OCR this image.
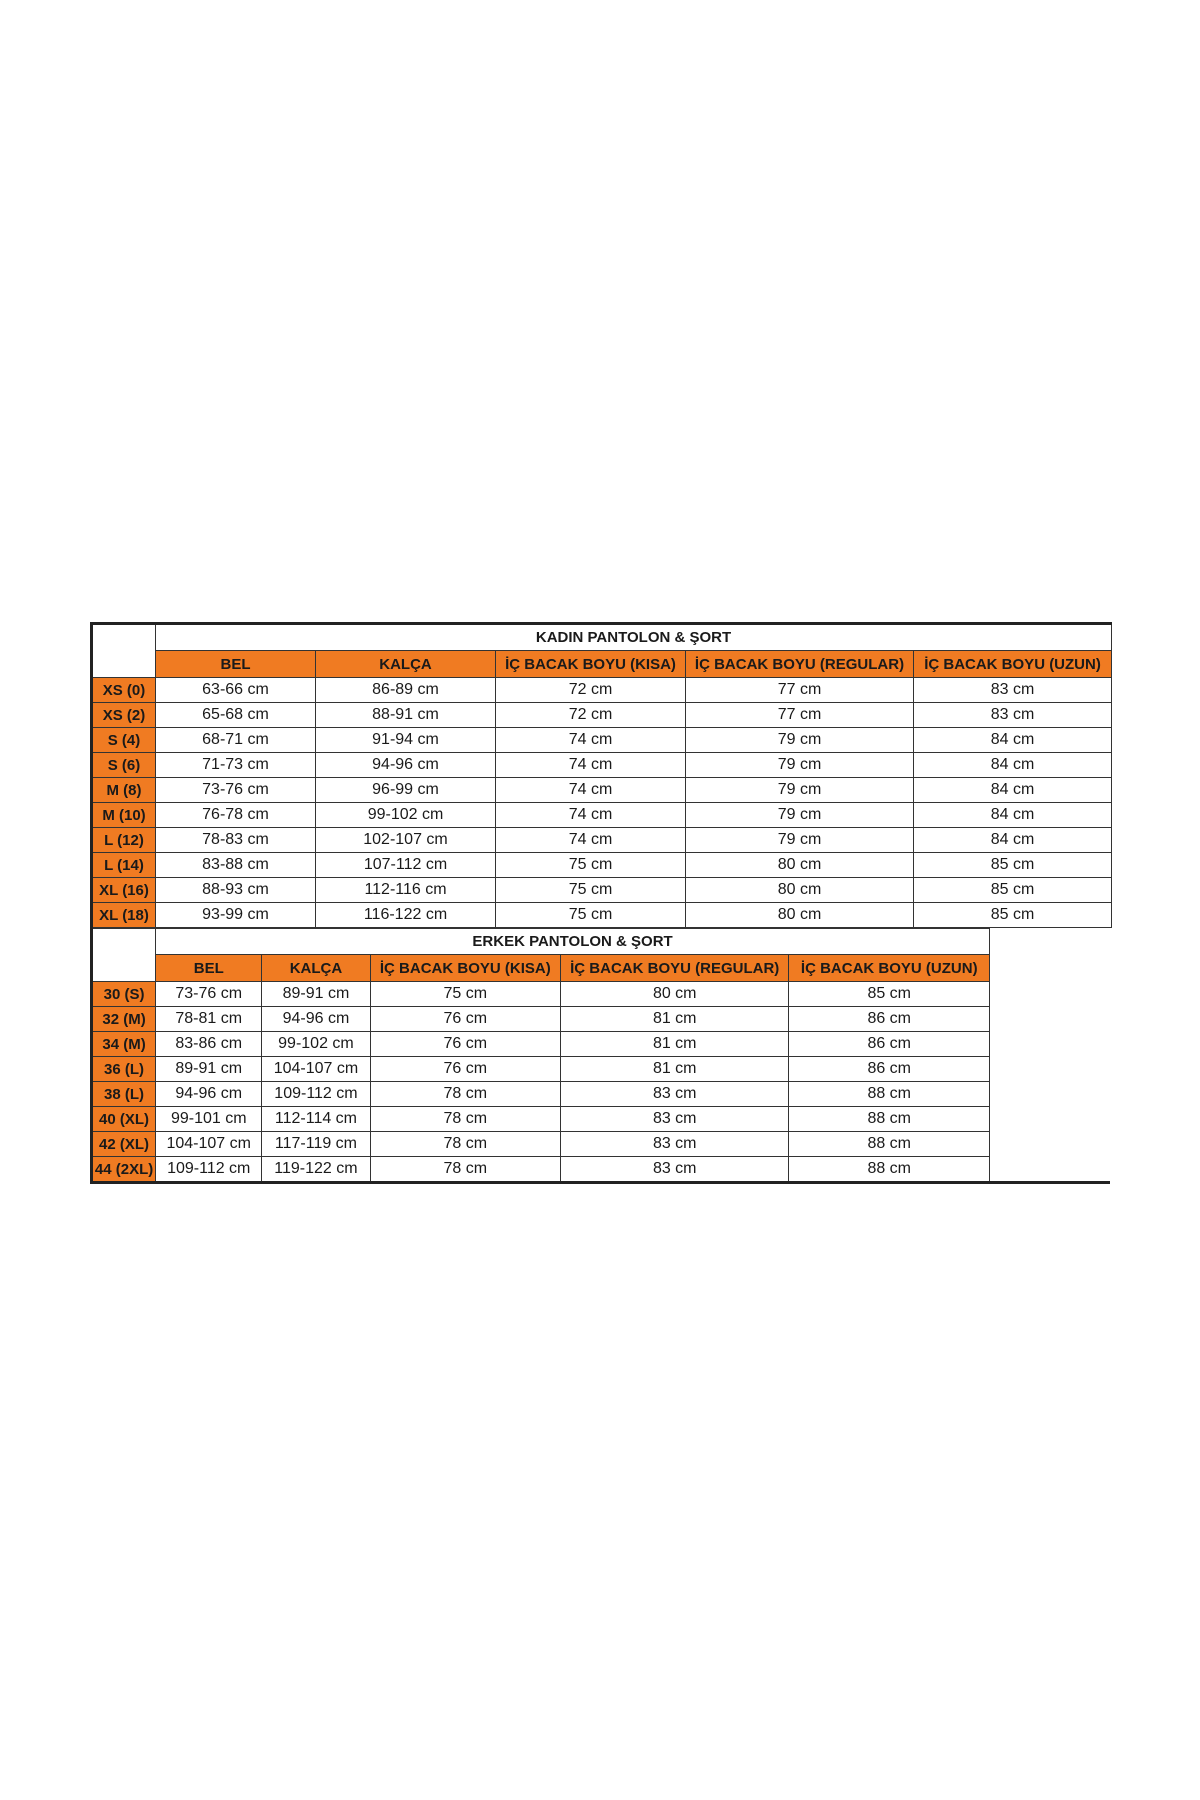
	KADIN PANTOLON & ŞORT				
	BEL	KALÇA	İÇ BACAK BOYU (KISA)	İÇ BACAK BOYU (REGULAR)	İÇ BACAK BOYU (UZUN)
XS (0)	63-66 cm	86-89 cm	72 cm	77 cm	83 cm
XS (2)	65-68 cm	88-91 cm	72 cm	77 cm	83 cm
S (4)	68-71 cm	91-94 cm	74 cm	79 cm	84 cm
S (6)	71-73 cm	94-96 cm	74 cm	79 cm	84 cm
M (8)	73-76 cm	96-99 cm	74 cm	79 cm	84 cm
M (10)	76-78 cm	99-102 cm	74 cm	79 cm	84 cm
L (12)	78-83 cm	102-107 cm	74 cm	79 cm	84 cm
L (14)	83-88 cm	107-112 cm	75 cm	80 cm	85 cm
XL (16)	88-93 cm	112-116 cm	75 cm	80 cm	85 cm
XL (18)	93-99 cm	116-122 cm	75 cm	80 cm	85 cm
	ERKEK PANTOLON & ŞORT				
	BEL	KALÇA	İÇ BACAK BOYU (KISA)	İÇ BACAK BOYU (REGULAR)	İÇ BACAK BOYU (UZUN)
30 (S)	73-76 cm	89-91 cm	75 cm	80 cm	85 cm
32 (M)	78-81 cm	94-96 cm	76 cm	81 cm	86 cm
34 (M)	83-86 cm	99-102 cm	76 cm	81 cm	86 cm
36 (L)	89-91 cm	104-107 cm	76 cm	81 cm	86 cm
38 (L)	94-96 cm	109-112 cm	78 cm	83 cm	88 cm
40 (XL)	99-101 cm	112-114 cm	78 cm	83 cm	88 cm
42 (XL)	104-107 cm	117-119 cm	78 cm	83 cm	88 cm
44 (2XL)	109-112 cm	119-122 cm	78 cm	83 cm	88 cm
